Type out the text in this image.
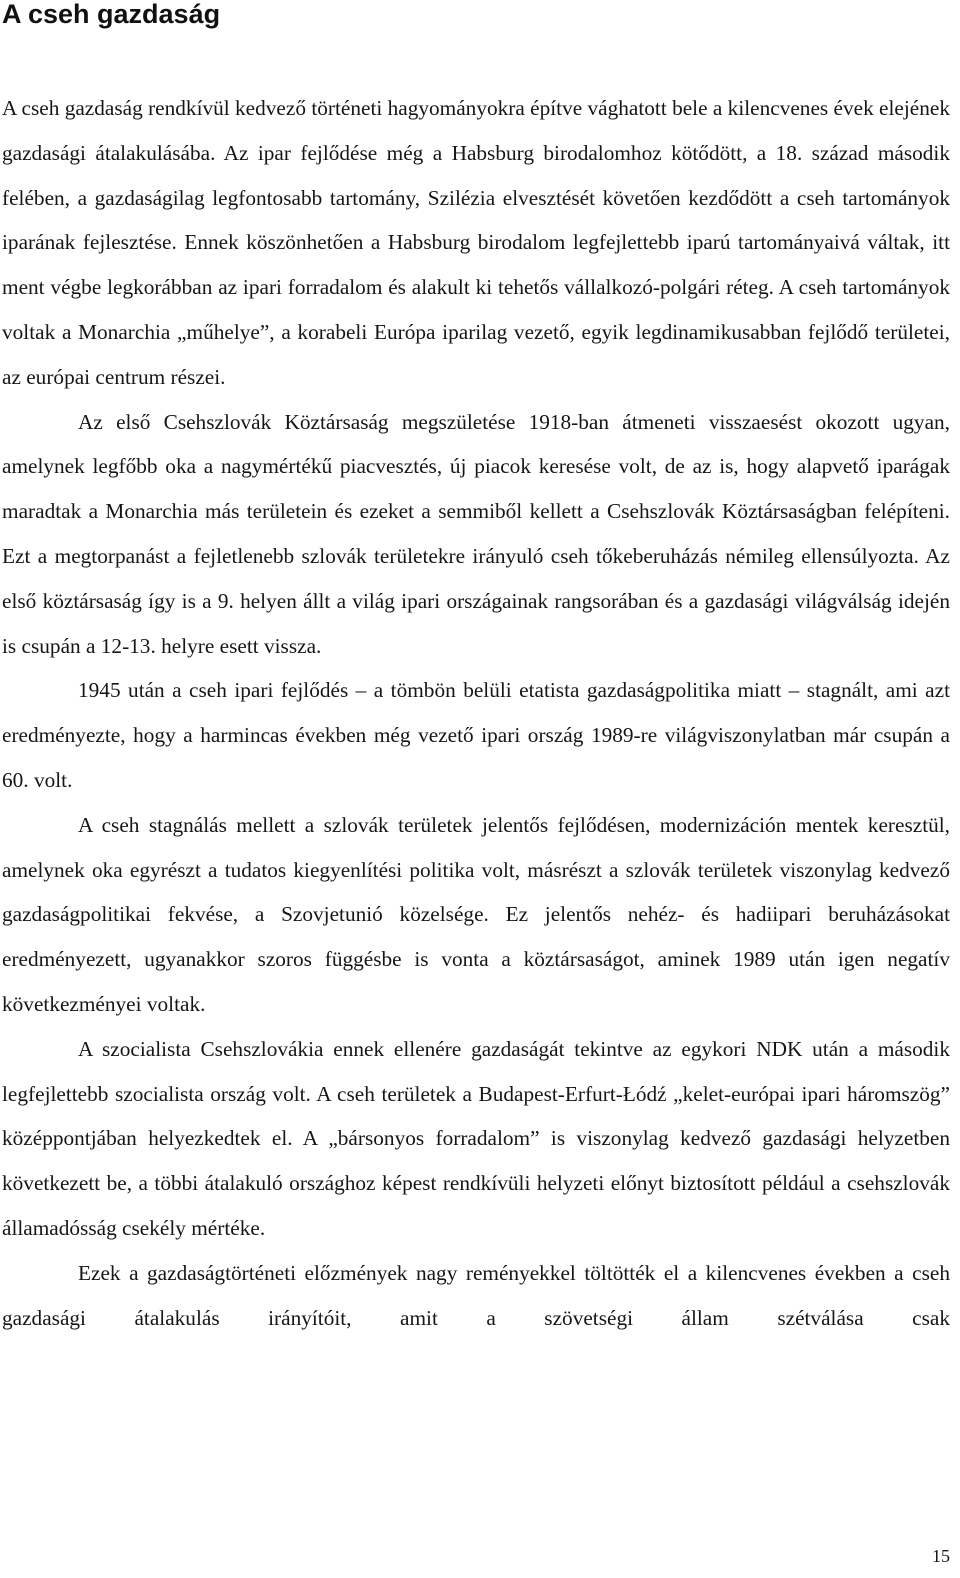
A cseh gazdaság

A cseh gazdaság rendkívül kedvező történeti hagyományokra építve vághatott bele a kilencvenes évek elejének gazdasági átalakulásába. Az ipar fejlődése még a Habsburg birodalomhoz kötődött, a 18. század második felében, a gazdaságilag legfontosabb tartomány, Szilézia elvesztését követően kezdődött a cseh tartományok iparának fejlesztése. Ennek köszönhetően a Habsburg birodalom legfejlettebb iparú tartományaivá váltak, itt ment végbe legkorábban az ipari forradalom és alakult ki tehetős vállalkozó-polgári réteg. A cseh tartományok voltak a Monarchia „műhelye”, a korabeli Európa iparilag vezető, egyik legdinamikusabban fejlődő területei, az európai centrum részei.

Az első Csehszlovák Köztársaság megszületése 1918-ban átmeneti visszaesést okozott ugyan, amelynek legfőbb oka a nagymértékű piacvesztés, új piacok keresése volt, de az is, hogy alapvető iparágak maradtak a Monarchia más területein és ezeket a semmiből kellett a Csehszlovák Köztársaságban felépíteni. Ezt a megtorpanást a fejletlenebb szlovák területekre irányuló cseh tőkeberuházás némileg ellensúlyozta. Az első köztársaság így is a 9. helyen állt a világ ipari országainak rangsorában és a gazdasági világválság idején is csupán a 12-13. helyre esett vissza.

1945 után a cseh ipari fejlődés – a tömbön belüli etatista gazdaságpolitika miatt – stagnált, ami azt eredményezte, hogy a harmincas években még vezető ipari ország 1989-re világviszonylatban már csupán a 60. volt.

A cseh stagnálás mellett a szlovák területek jelentős fejlődésen, modernizáción mentek keresztül, amelynek oka egyrészt a tudatos kiegyenlítési politika volt, másrészt a szlovák területek viszonylag kedvező gazdaságpolitikai fekvése, a Szovjetunió közelsége. Ez jelentős nehéz- és hadiipari beruházásokat eredményezett, ugyanakkor szoros függésbe is vonta a köztársaságot, aminek 1989 után igen negatív következményei voltak.

A szocialista Csehszlovákia ennek ellenére gazdaságát tekintve az egykori NDK után a második legfejlettebb szocialista ország volt. A cseh területek a Budapest-Erfurt-Łódź „kelet-európai ipari háromszög” középpontjában helyezkedtek el. A „bársonyos forradalom” is viszonylag kedvező gazdasági helyzetben következett be, a többi átalakuló országhoz képest rendkívüli helyzeti előnyt biztosított például a csehszlovák államadósság csekély mértéke.

Ezek a gazdaságtörténeti előzmények nagy reményekkel töltötték el a kilencvenes években a cseh gazdasági átalakulás irányítóit, amit a szövetségi állam szétválása csak

15
